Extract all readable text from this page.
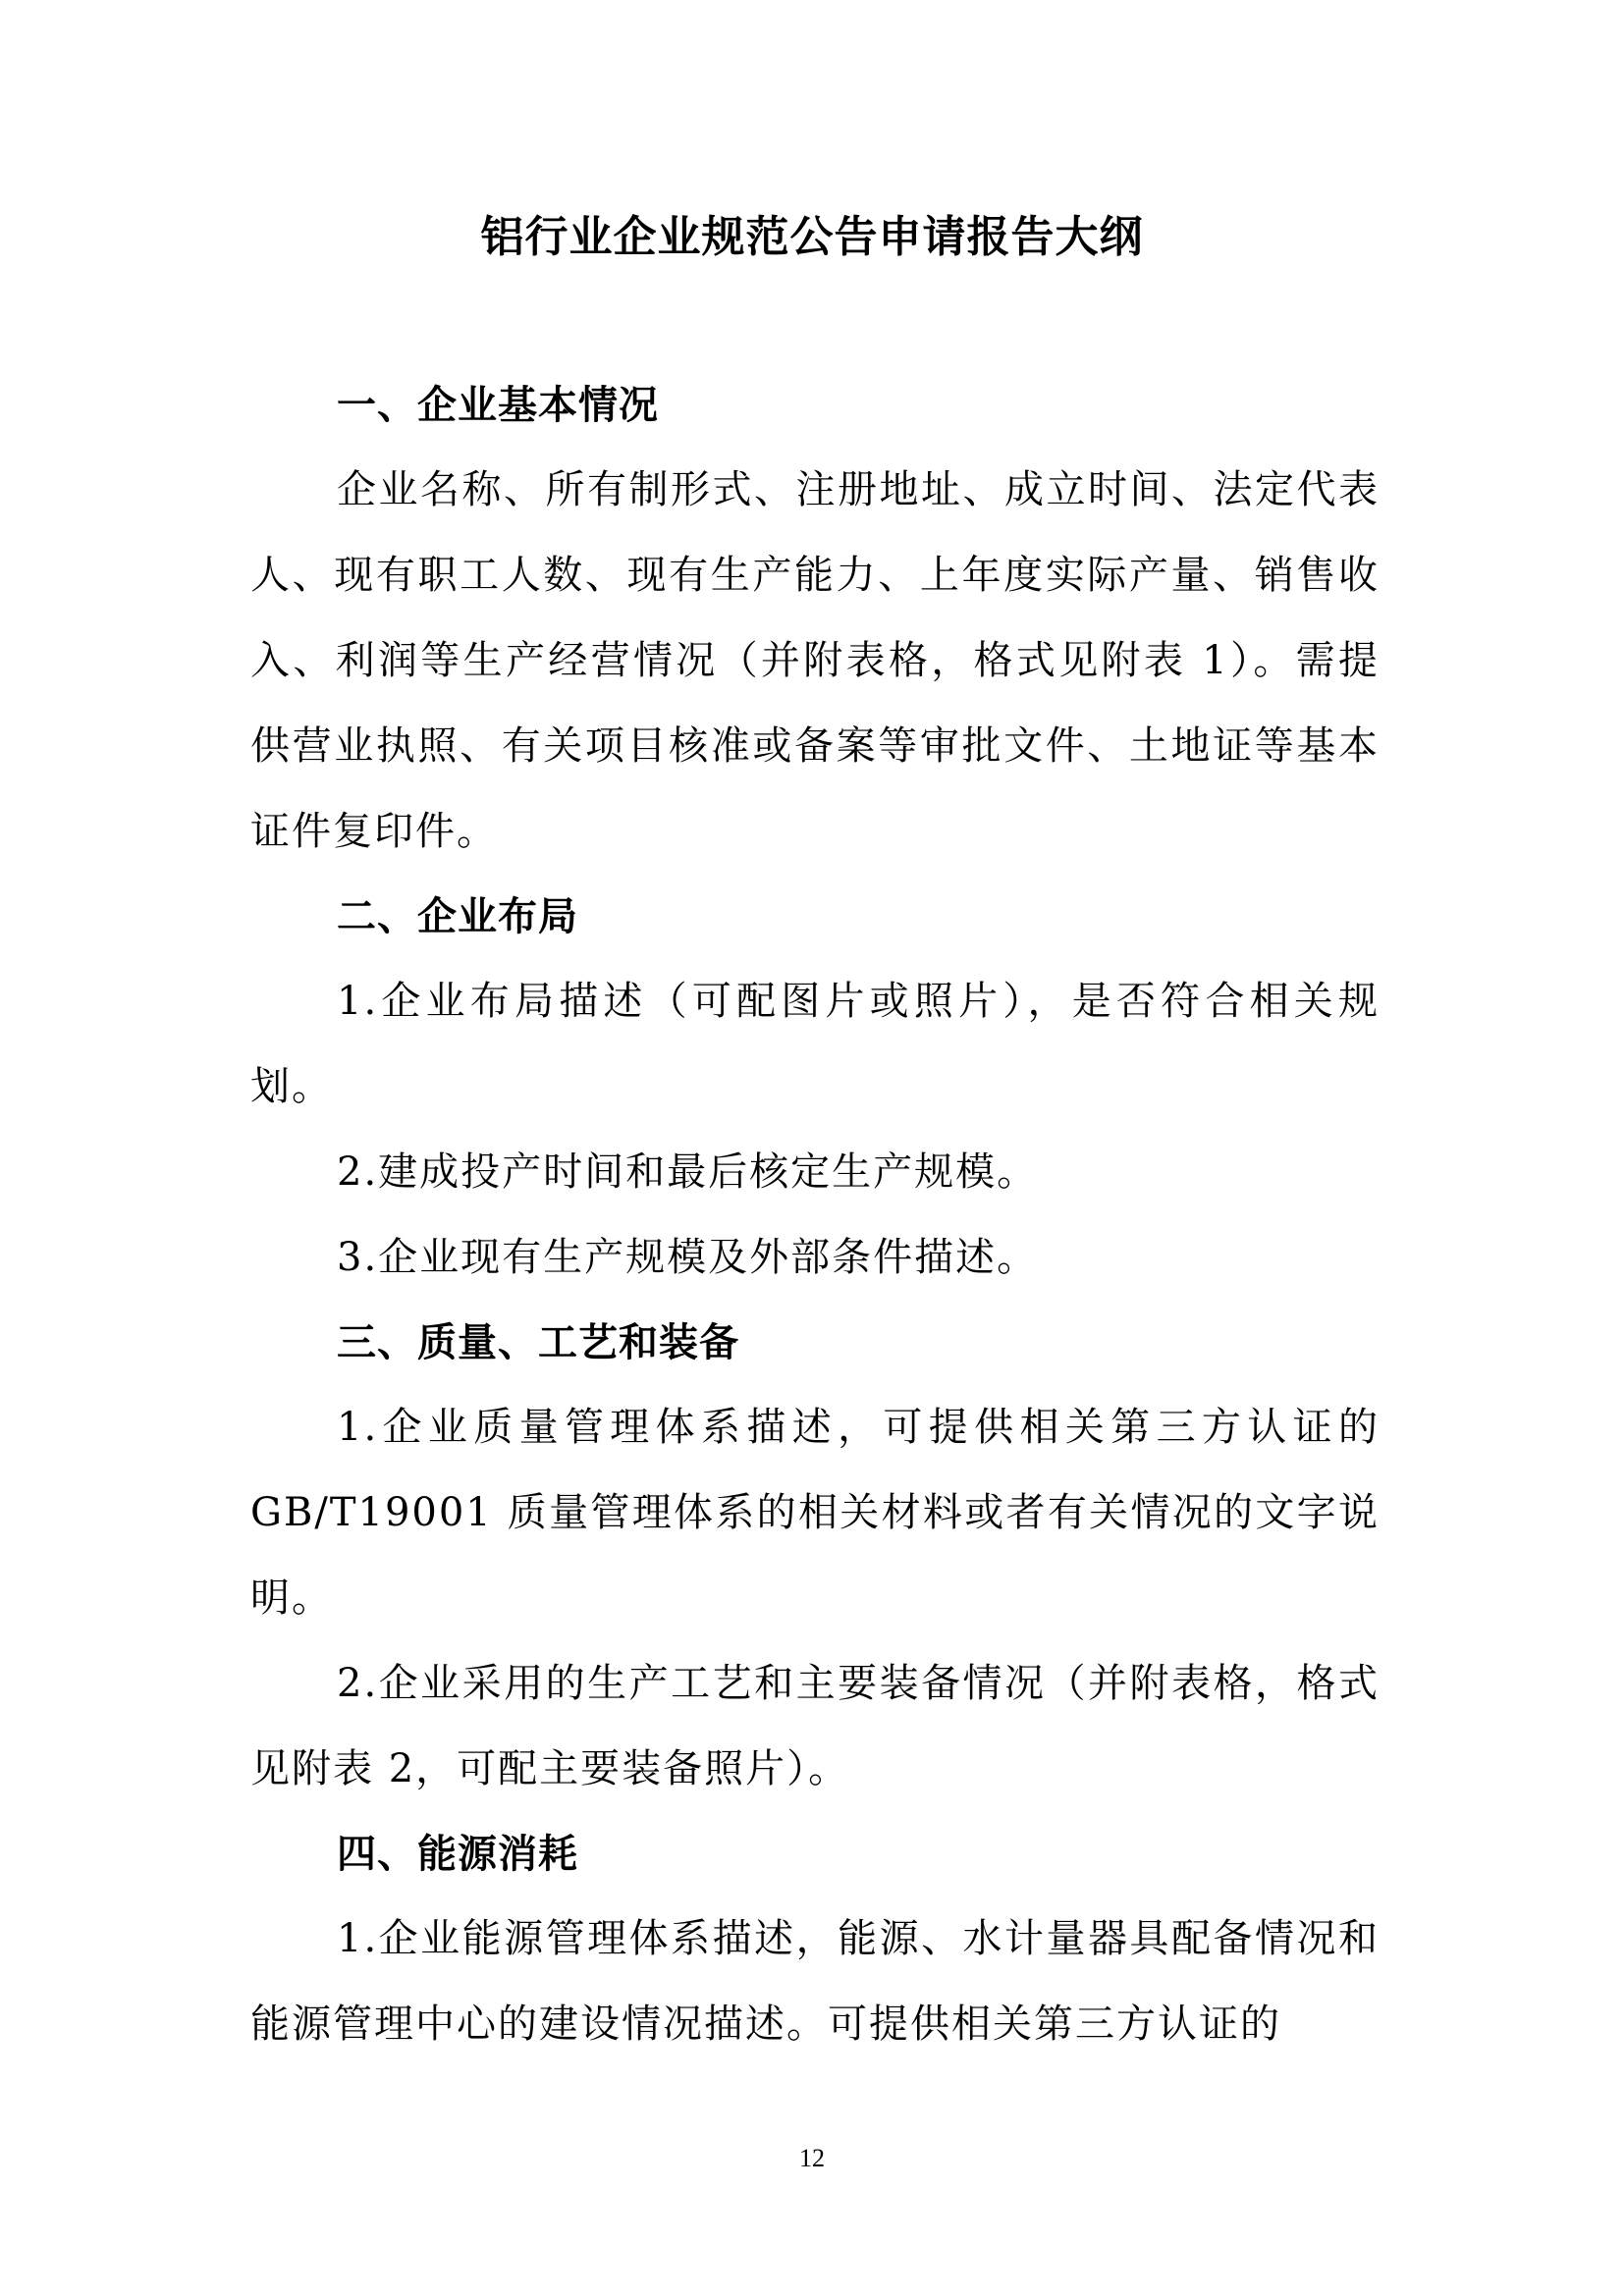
铝行业企业规范公告申请报告大纲
一、企业基本情况
企业名称、所有制形式、注册地址、成立时间、法定代表人、现有职工人数、现有生产能力、上年度实际产量、销售收入、利润等生产经营情况（并附表格，格式见附表 1）。需提供营业执照、有关项目核准或备案等审批文件、土地证等基本证件复印件。
二、企业布局
1.企业布局描述（可配图片或照片），是否符合相关规划。
2.建成投产时间和最后核定生产规模。
3.企业现有生产规模及外部条件描述。
三、质量、工艺和装备
1.企业质量管理体系描述，可提供相关第三方认证的 GB/T19001 质量管理体系的相关材料或者有关情况的文字说明。
2.企业采用的生产工艺和主要装备情况（并附表格，格式见附表 2，可配主要装备照片）。
四、能源消耗
1.企业能源管理体系描述，能源、水计量器具配备情况和能源管理中心的建设情况描述。可提供相关第三方认证的
12
